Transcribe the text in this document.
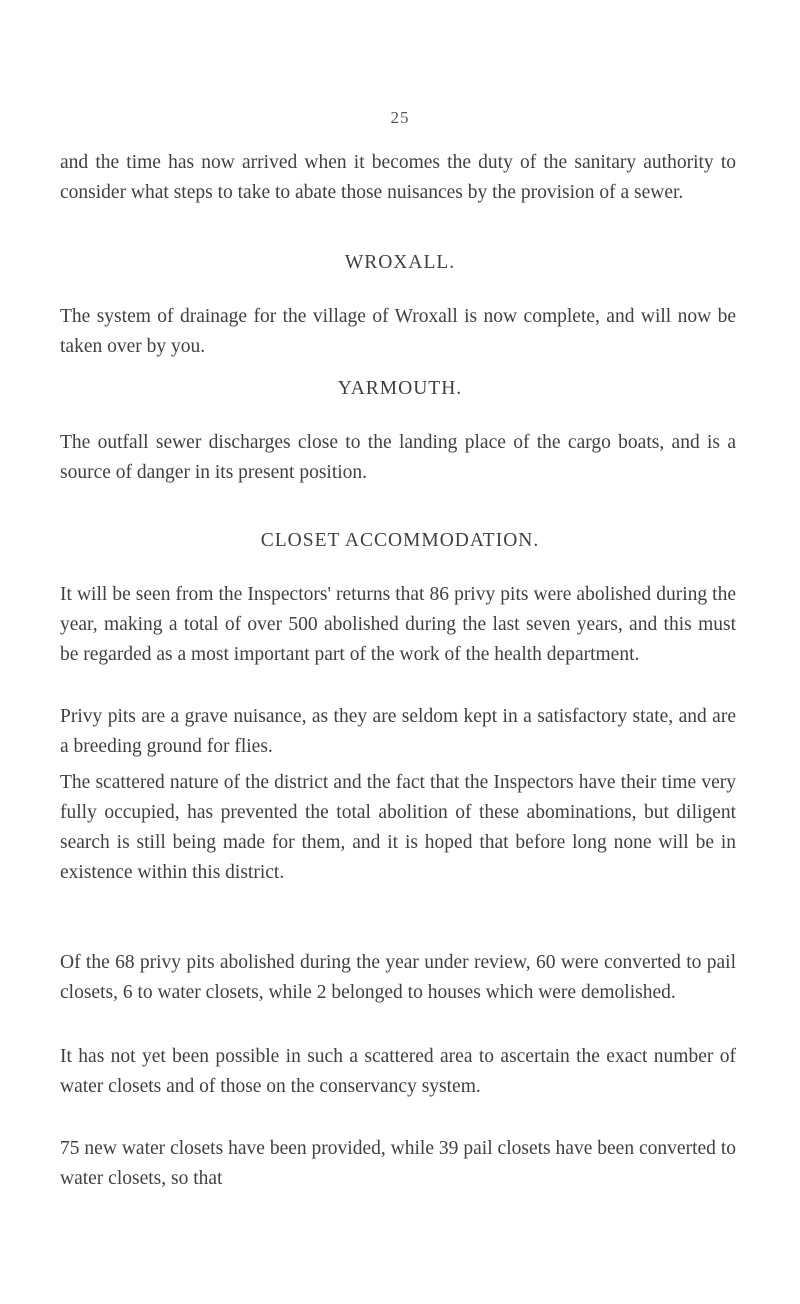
25
and the time has now arrived when it becomes the duty of the sanitary authority to consider what steps to take to abate those nuisances by the provision of a sewer.
WROXALL.
The system of drainage for the village of Wroxall is now complete, and will now be taken over by you.
YARMOUTH.
The outfall sewer discharges close to the landing place of the cargo boats, and is a source of danger in its present position.
CLOSET ACCOMMODATION.
It will be seen from the Inspectors' returns that 86 privy pits were abolished during the year, making a total of over 500 abolished during the last seven years, and this must be regarded as a most important part of the work of the health department.
Privy pits are a grave nuisance, as they are seldom kept in a satisfactory state, and are a breeding ground for flies.
The scattered nature of the district and the fact that the Inspectors have their time very fully occupied, has prevented the total abolition of these abominations, but diligent search is still being made for them, and it is hoped that before long none will be in existence within this district.
Of the 68 privy pits abolished during the year under review, 60 were converted to pail closets, 6 to water closets, while 2 belonged to houses which were demolished.
It has not yet been possible in such a scattered area to ascertain the exact number of water closets and of those on the conservancy system.
75 new water closets have been provided, while 39 pail closets have been converted to water closets, so that
